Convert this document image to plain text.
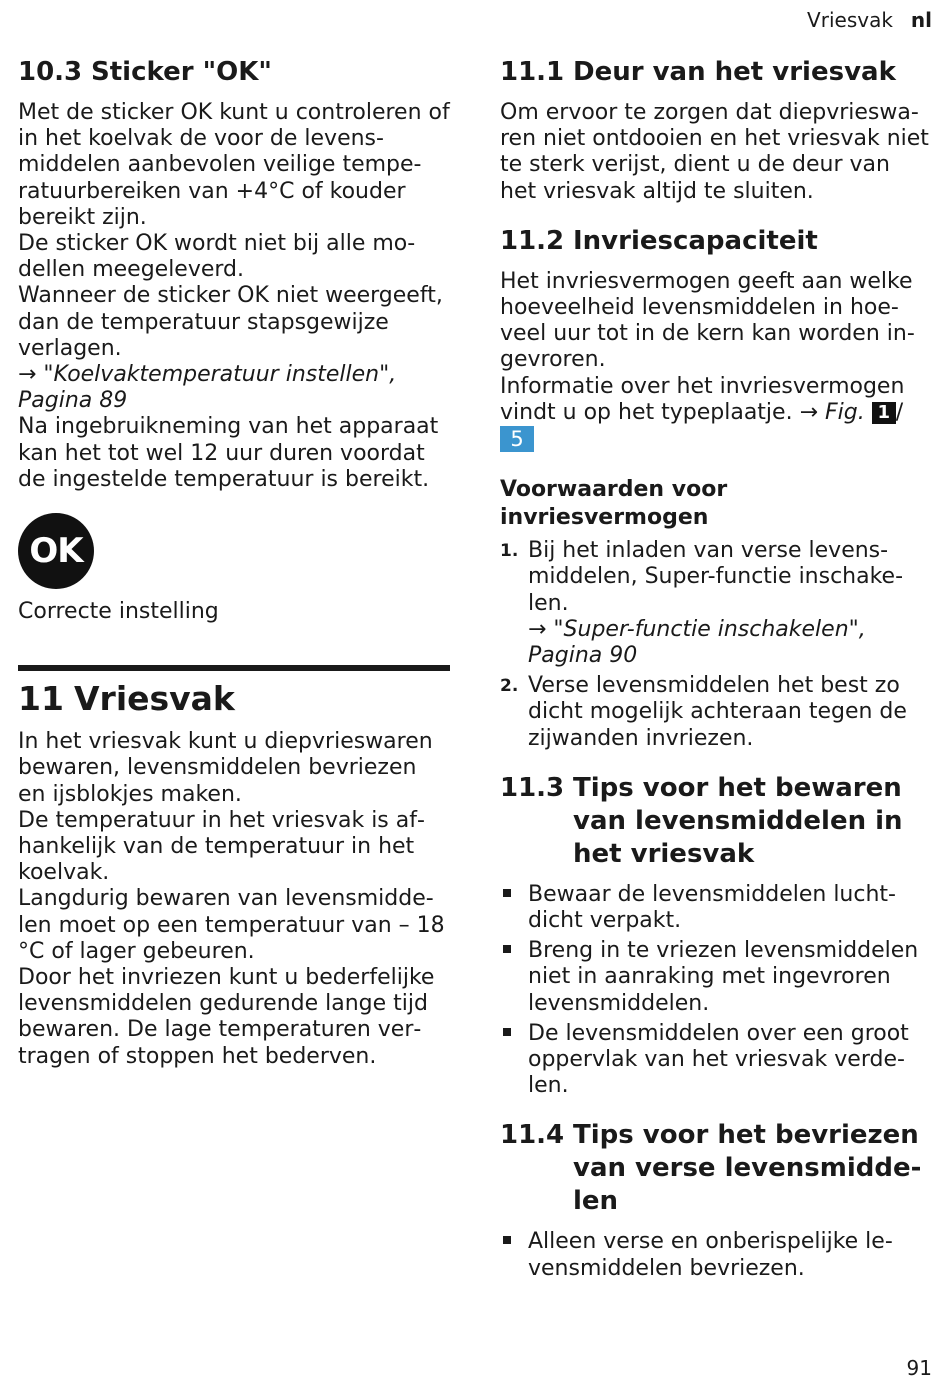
Vriesvak nl
10.3 Sticker "OK"

Met de sticker OK kunt u controleren of in het koelvak de voor de levensmiddelen aanbevolen veilige temperatuurbereiken van +4°C of kouder bereikt zijn.

De sticker OK wordt niet bij alle modellen meegeleverd.

Wanneer de sticker OK niet weergeeft, dan de temperatuur stapsgewijze verlagen.

→ "Koelvaktemperatuur instellen", Pagina 89

Na ingebruikneming van het apparaat kan het tot wel 12 uur duren voordat de ingestelde temperatuur is bereikt.

OK

Correcte instelling

11 Vriesvak

In het vriesvak kunt u diepvrieswaren bewaren, levensmiddelen bevriezen en ijsblokjes maken.

De temperatuur in het vriesvak is afhankelijk van de temperatuur in het koelvak.

Langdurig bewaren van levensmiddelen moet op een temperatuur van – 18 °C of lager gebeuren.

Door het invriezen kunt u bederfelijke levensmiddelen gedurende lange tijd bewaren. De lage temperaturen vertragen of stoppen het bederven.

11.1 Deur van het vriesvak

Om ervoor te zorgen dat diepvrieswaren niet ontdooien en het vriesvak niet te sterk verijst, dient u de deur van het vriesvak altijd te sluiten.

11.2 Invriescapaciteit

Het invriesvermogen geeft aan welke hoeveelheid levensmiddelen in hoeveel uur tot in de kern kan worden ingevroren.

Informatie over het invriesvermogen vindt u op het typeplaatje. → Fig. 1 /
5

Voorwaarden voor invriesvermogen
1. Bij het inladen van verse levensmiddelen, Super-functie inschakelen.
→ "Super-functie inschakelen", Pagina 90
2. Verse levensmiddelen het best zo dicht mogelijk achteraan tegen de zijwanden invriezen.
11.3 Tips voor het bewaren van levensmiddelen in het vriesvak
Bewaar de levensmiddelen luchtdicht verpakt.
Breng in te vriezen levensmiddelen niet in aanraking met ingevroren levensmiddelen.
De levensmiddelen over een groot oppervlak van het vriesvak verdelen.
11.4 Tips voor het bevriezen van verse levensmiddelen
Alleen verse en onberispelijke levensmiddelen bevriezen.
91
